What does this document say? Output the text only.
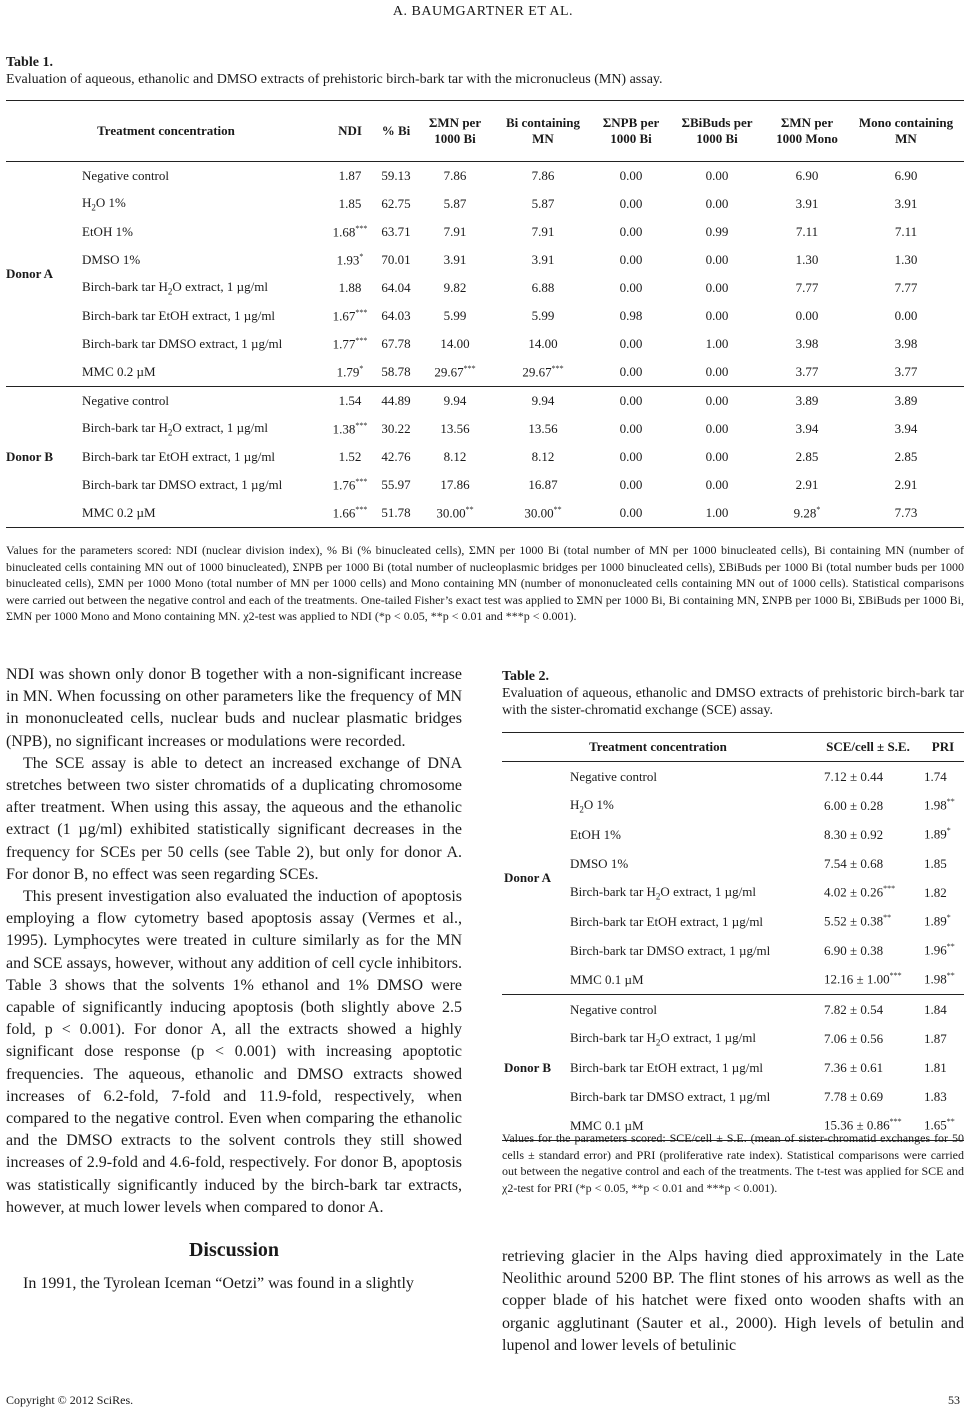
A. BAUMGARTNER ET AL.
Table 1.
Evaluation of aqueous, ethanolic and DMSO extracts of prehistoric birch-bark tar with the micronucleus (MN) assay.
Treatment concentration		NDI	% Bi	ΣMN per 1000 Bi	Bi containing MN	ΣNPB per 1000 Bi	ΣBiBuds per 1000 Bi	ΣMN per 1000 Mono	Mono containing MN
Donor A	Negative control	1.87	59.13	7.86	7.86	0.00	0.00	6.90	6.90
	$H_2O$ 1%	1.85	62.75	5.87	5.87	0.00	0.00	3.91	3.91
	EtOH 1%	1.68***	63.71	7.91	7.91	0.00	0.99	7.11	7.11
	DMSO 1%	1.93*	70.01	3.91	3.91	0.00	0.00	1.30	1.30
	Birch-bark tar $H_2O$ extract, 1 µg/ml	1.88	64.04	9.82	6.88	0.00	0.00	7.77	7.77
	Birch-bark tar EtOH extract, 1 µg/ml	1.67***	64.03	5.99	5.99	0.98	0.00	0.00	0.00
	Birch-bark tar DMSO extract, 1 µg/ml	1.77***	67.78	14.00	14.00	0.00	1.00	3.98	3.98
	MMC 0.2 µM	1.79*	58.78	29.67***	29.67***	0.00	0.00	3.77	3.77
Donor B	Negative control	1.54	44.89	9.94	9.94	0.00	0.00	3.89	3.89
	Birch-bark tar $H_2O$ extract, 1 µg/ml	1.38***	30.22	13.56	13.56	0.00	0.00	3.94	3.94
	Birch-bark tar EtOH extract, 1 µg/ml	1.52	42.76	8.12	8.12	0.00	0.00	2.85	2.85
	Birch-bark tar DMSO extract, 1 µg/ml	1.76***	55.97	17.86	16.87	0.00	0.00	2.91	2.91
	MMC 0.2 µM	1.66***	51.78	30.00**	30.00**	0.00	1.00	9.28*	7.73
Values for the parameters scored: NDI (nuclear division index), % Bi (% binucleated cells), ΣMN per 1000 Bi (total number of MN per 1000 binucleated cells), Bi containing MN (number of binucleated cells containing MN out of 1000 binucleated), ΣNPB per 1000 Bi (total number of nucleoplasmic bridges per 1000 binucleated cells), ΣBiBuds per 1000 Bi (total number buds per 1000 binucleated cells), ΣMN per 1000 Mono (total number of MN per 1000 cells) and Mono containing MN (number of mononucleated cells containing MN out of 1000 cells). Statistical comparisons were carried out between the negative control and each of the treatments. One-tailed Fisher’s exact test was applied to ΣMN per 1000 Bi, Bi containing MN, ΣNPB per 1000 Bi, ΣBiBuds per 1000 Bi, ΣMN per 1000 Mono and Mono containing MN. χ2-test was applied to NDI (*p < 0.05, **p < 0.01 and ***p < 0.001).

NDI was shown only donor B together with a non-significant increase in MN. When focussing on other parameters like the frequency of MN in mononucleated cells, nuclear buds and nuclear plasmatic bridges (NPB), no significant increases or modulations were recorded.

The SCE assay is able to detect an increased exchange of DNA stretches between two sister chromatids of a duplicating chromosome after treatment. When using this assay, the aqueous and the ethanolic extract (1 µg/ml) exhibited statistically significant decreases in the frequency for SCEs per 50 cells (see Table 2), but only for donor A. For donor B, no effect was seen regarding SCEs.

This present investigation also evaluated the induction of apoptosis employing a flow cytometry based apoptosis assay (Vermes et al., 1995). Lymphocytes were treated in culture similarly as for the MN and SCE assays, however, without any addition of cell cycle inhibitors. Table 3 shows that the solvents 1% ethanol and 1% DMSO were capable of significantly inducing apoptosis (both slightly above 2.5 fold, p < 0.001). For donor A, all the extracts showed a highly significant dose response (p < 0.001) with increasing apoptotic frequencies. The aqueous, ethanolic and DMSO extracts showed increases of 6.2-fold, 7-fold and 11.9-fold, respectively, when compared to the negative control. Even when comparing the ethanolic and the DMSO extracts to the solvent controls they still showed increases of 2.9-fold and 4.6-fold, respectively. For donor B, apoptosis was statistically significantly induced by the birch-bark tar extracts, however, at much lower levels when compared to donor A.

Discussion

In 1991, the Tyrolean Iceman “Oetzi” was found in a slightly

Table 2.
Evaluation of aqueous, ethanolic and DMSO extracts of prehistoric birch-bark tar with the sister-chromatid exchange (SCE) assay.
Treatment concentration		SCE/cell ± S.E.	PRI
Donor A	Negative control	7.12 ± 0.44	1.74
	$H_2O$ 1%	6.00 ± 0.28	1.98**
	EtOH 1%	8.30 ± 0.92	1.89*
	DMSO 1%	7.54 ± 0.68	1.85
	Birch-bark tar $H_2O$ extract, 1 µg/ml	4.02 ± 0.26***	1.82
	Birch-bark tar EtOH extract, 1 µg/ml	5.52 ± 0.38**	1.89*
	Birch-bark tar DMSO extract, 1 µg/ml	6.90 ± 0.38	1.96**
	MMC 0.1 µM	12.16 ± 1.00***	1.98**
Donor B	Negative control	7.82 ± 0.54	1.84
	Birch-bark tar $H_2O$ extract, 1 µg/ml	7.06 ± 0.56	1.87
	Birch-bark tar EtOH extract, 1 µg/ml	7.36 ± 0.61	1.81
	Birch-bark tar DMSO extract, 1 µg/ml	7.78 ± 0.69	1.83
	MMC 0.1 µM	15.36 ± 0.86***	1.65**
Values for the parameters scored: SCE/cell ± S.E. (mean of sister-chromatid exchanges for 50 cells ± standard error) and PRI (proliferative rate index). Statistical comparisons were carried out between the negative control and each of the treatments. The t-test was applied for SCE and χ2-test for PRI (*p < 0.05, **p < 0.01 and ***p < 0.001).

retrieving glacier in the Alps having died approximately in the Late Neolithic around 5200 BP. The flint stones of his arrows as well as the copper blade of his hatchet were fixed onto wooden shafts with an organic agglutinant (Sauter et al., 2000). High levels of betulin and lupenol and lower levels of betulinic

Copyright © 2012 SciRes.	53
